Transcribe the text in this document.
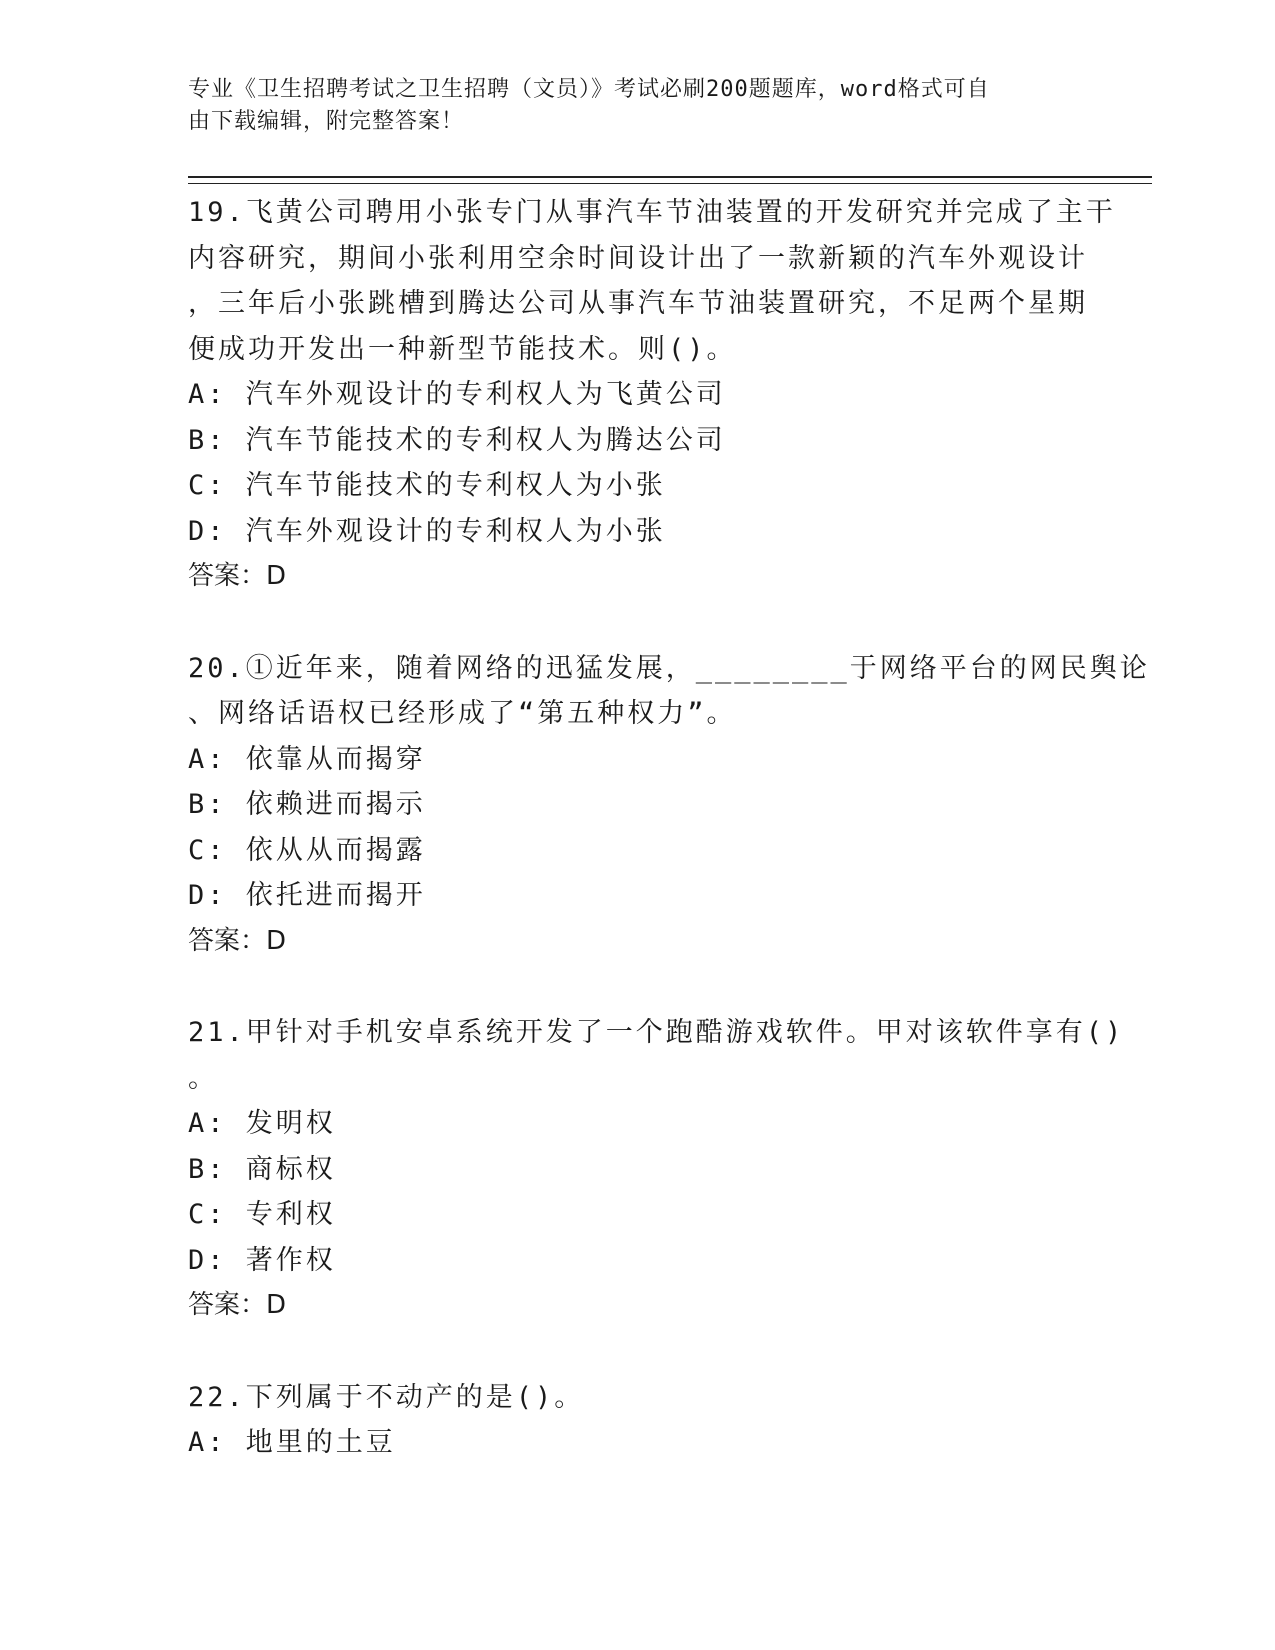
专业《卫生招聘考试之卫生招聘（文员）》考试必刷200题题库，word格式可自
由下载编辑，附完整答案！
19.飞黄公司聘用小张专门从事汽车节油装置的开发研究并完成了主干
内容研究，期间小张利用空余时间设计出了一款新颖的汽车外观设计
，三年后小张跳槽到腾达公司从事汽车节油装置研究，不足两个星期
便成功开发出一种新型节能技术。则()。
A: 汽车外观设计的专利权人为飞黄公司
B: 汽车节能技术的专利权人为腾达公司
C: 汽车节能技术的专利权人为小张
D: 汽车外观设计的专利权人为小张
答案：D
20.①近年来，随着网络的迅猛发展，________于网络平台的网民舆论
、网络话语权已经形成了“第五种权力”。
A: 依靠从而揭穿
B: 依赖进而揭示
C: 依从从而揭露
D: 依托进而揭开
答案：D
21.甲针对手机安卓系统开发了一个跑酷游戏软件。甲对该软件享有()
。
A: 发明权
B: 商标权
C: 专利权
D: 著作权
答案：D
22.下列属于不动产的是()。
A: 地里的土豆
